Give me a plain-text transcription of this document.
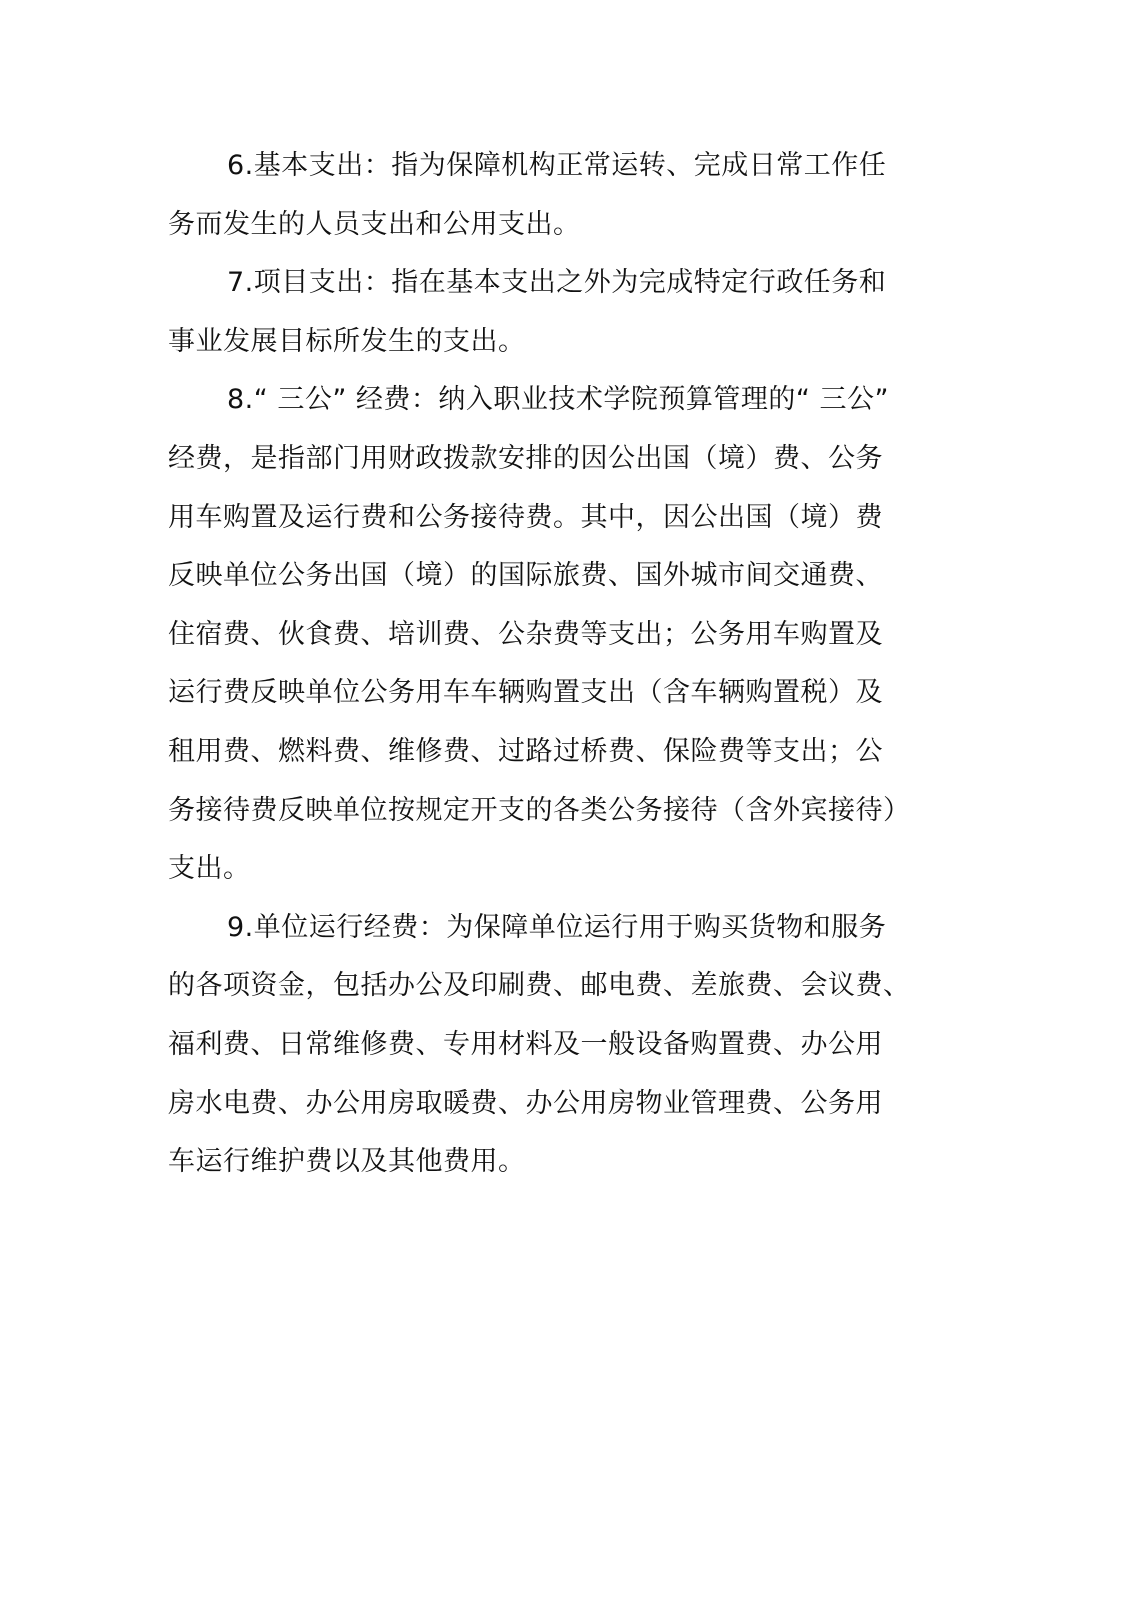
6.基本支出：指为保障机构正常运转、完成日常工作任
务而发生的人员支出和公用支出。

7.项目支出：指在基本支出之外为完成特定行政任务和
事业发展目标所发生的支出。

8.“ 三公” 经费：纳入职业技术学院预算管理的“ 三公”
经费，是指部门用财政拨款安排的因公出国（境）费、公务
用车购置及运行费和公务接待费。其中，因公出国（境）费
反映单位公务出国（境）的国际旅费、国外城市间交通费、
住宿费、伙食费、培训费、公杂费等支出；公务用车购置及
运行费反映单位公务用车车辆购置支出（含车辆购置税）及
租用费、燃料费、维修费、过路过桥费、保险费等支出；公
务接待费反映单位按规定开支的各类公务接待（含外宾接待）
支出。

9.单位运行经费：为保障单位运行用于购买货物和服务
的各项资金，包括办公及印刷费、邮电费、差旅费、会议费、
福利费、日常维修费、专用材料及一般设备购置费、办公用
房水电费、办公用房取暖费、办公用房物业管理费、公务用
车运行维护费以及其他费用。
